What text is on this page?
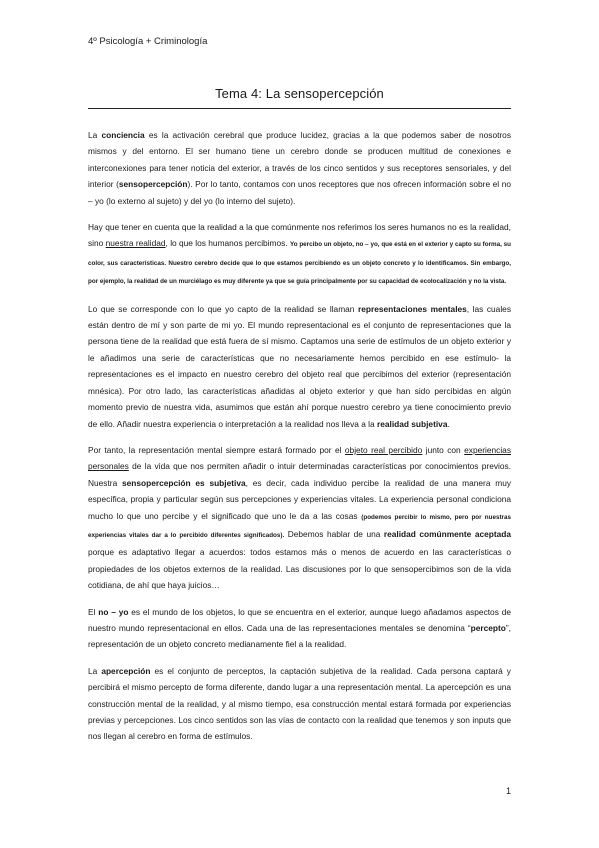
4º Psicología + Criminología
Tema 4: La sensopercepción

La conciencia es la activación cerebral que produce lucidez, gracias a la que podemos saber de nosotros mismos y del entorno. El ser humano tiene un cerebro donde se producen multitud de conexiones e interconexiones para tener noticia del exterior, a través de los cinco sentidos y sus receptores sensoriales, y del interior (sensopercepción). Por lo tanto, contamos con unos receptores que nos ofrecen información sobre el no – yo (lo externo al sujeto) y del yo (lo interno del sujeto).

Hay que tener en cuenta que la realidad a la que comúnmente nos referimos los seres humanos no es la realidad, sino nuestra realidad, lo que los humanos percibimos. Yo percibo un objeto, no – yo, que está en el exterior y capto su forma, su color, sus características. Nuestro cerebro decide que lo que estamos percibiendo es un objeto concreto y lo identificamos. Sin embargo, por ejemplo, la realidad de un murciélago es muy diferente ya que se guía principalmente por su capacidad de ecolocalización y no la vista.

Lo que se corresponde con lo que yo capto de la realidad se llaman representaciones mentales, las cuales están dentro de mí y son parte de mi yo. El mundo representacional es el conjunto de representaciones que la persona tiene de la realidad que está fuera de sí mismo. Captamos una serie de estímulos de un objeto exterior y le añadimos una serie de características que no necesariamente hemos percibido en ese estímulo- la representaciones es el impacto en nuestro cerebro del objeto real que percibimos del exterior (representación mnésica). Por otro lado, las características añadidas al objeto exterior y que han sido percibidas en algún momento previo de nuestra vida, asumimos que están ahí porque nuestro cerebro ya tiene conocimiento previo de ello. Añadir nuestra experiencia o interpretación a la realidad nos lleva a la realidad subjetiva.

Por tanto, la representación mental siempre estará formado por el objeto real percibido junto con experiencias personales de la vida que nos permiten añadir o intuir determinadas características por conocimientos previos. Nuestra sensopercepción es subjetiva, es decir, cada individuo percibe la realidad de una manera muy específica, propia y particular según sus percepciones y experiencias vitales. La experiencia personal condiciona mucho lo que uno percibe y el significado que uno le da a las cosas (podemos percibir lo mismo, pero por nuestras experiencias vitales dar a lo percibido diferentes significados). Debemos hablar de una realidad comúnmente aceptada porque es adaptativo llegar a acuerdos: todos estamos más o menos de acuerdo en las características o propiedades de los objetos externos de la realidad. Las discusiones por lo que sensopercibimos son de la vida cotidiana, de ahí que haya juicios…

El no – yo es el mundo de los objetos, lo que se encuentra en el exterior, aunque luego añadamos aspectos de nuestro mundo representacional en ellos. Cada una de las representaciones mentales se denomina “percepto”, representación de un objeto concreto medianamente fiel a la realidad.

La apercepción es el conjunto de perceptos, la captación subjetiva de la realidad. Cada persona captará y percibirá el mismo percepto de forma diferente, dando lugar a una representación mental. La apercepción es una construcción mental de la realidad, y al mismo tiempo, esa construcción mental estará formada por experiencias previas y percepciones. Los cinco sentidos son las vías de contacto con la realidad que tenemos y son inputs que nos llegan al cerebro en forma de estímulos.

1
